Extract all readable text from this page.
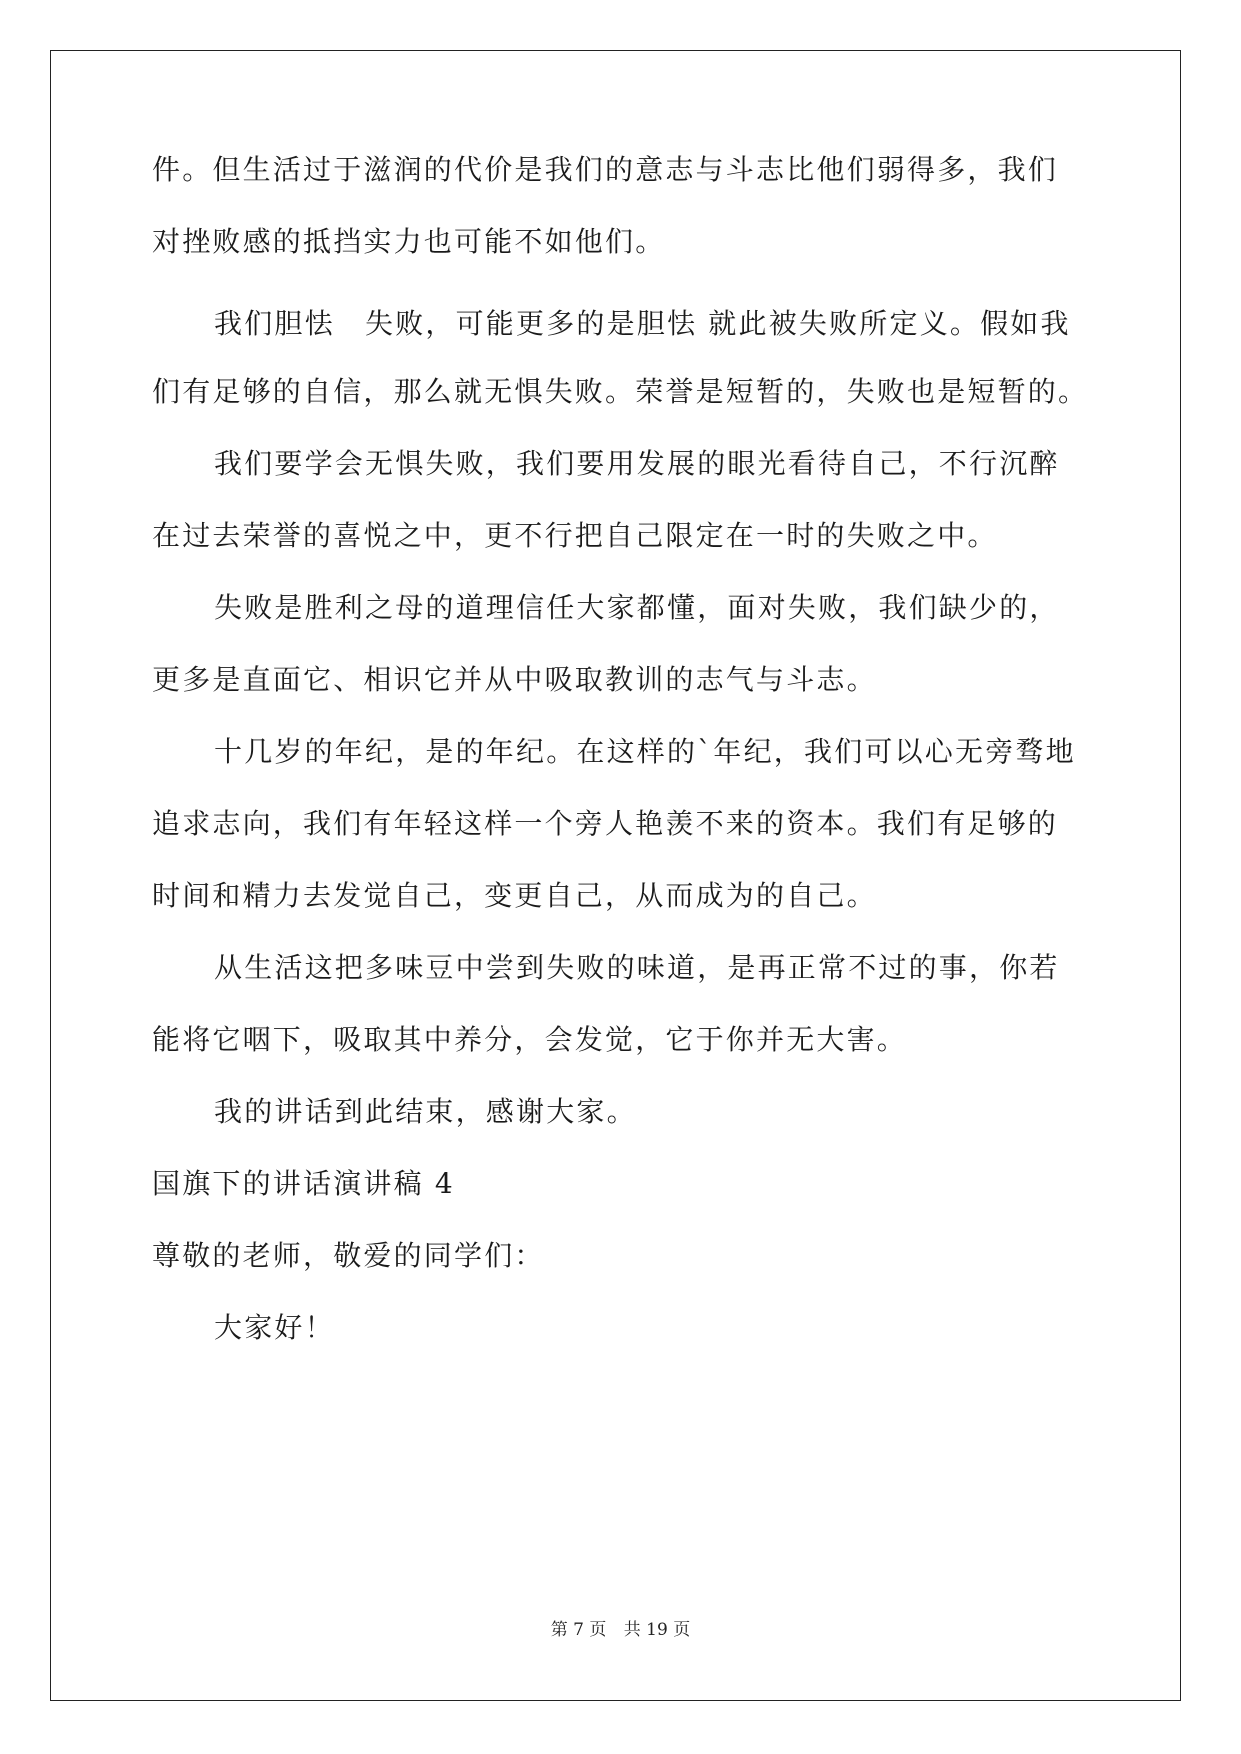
件。但生活过于滋润的代价是我们的意志与斗志比他们弱得多，我们
对挫败感的抵挡实力也可能不如他们。
我们胆怯　失败，可能更多的是胆怯 就此被失败所定义。假如我
们有足够的自信，那么就无惧失败。荣誉是短暂的，失败也是短暂的。
我们要学会无惧失败，我们要用发展的眼光看待自己，不行沉醉
在过去荣誉的喜悦之中，更不行把自己限定在一时的失败之中。
失败是胜利之母的道理信任大家都懂，面对失败，我们缺少的，
更多是直面它、相识它并从中吸取教训的志气与斗志。
十几岁的年纪，是的年纪。在这样的`年纪，我们可以心无旁骛地
追求志向，我们有年轻这样一个旁人艳羡不来的资本。我们有足够的
时间和精力去发觉自己，变更自己，从而成为的自己。
从生活这把多味豆中尝到失败的味道，是再正常不过的事，你若
能将它咽下，吸取其中养分，会发觉，它于你并无大害。
我的讲话到此结束，感谢大家。
国旗下的讲话演讲稿 4
尊敬的老师，敬爱的同学们：
大家好！
第 7 页 共 19 页
